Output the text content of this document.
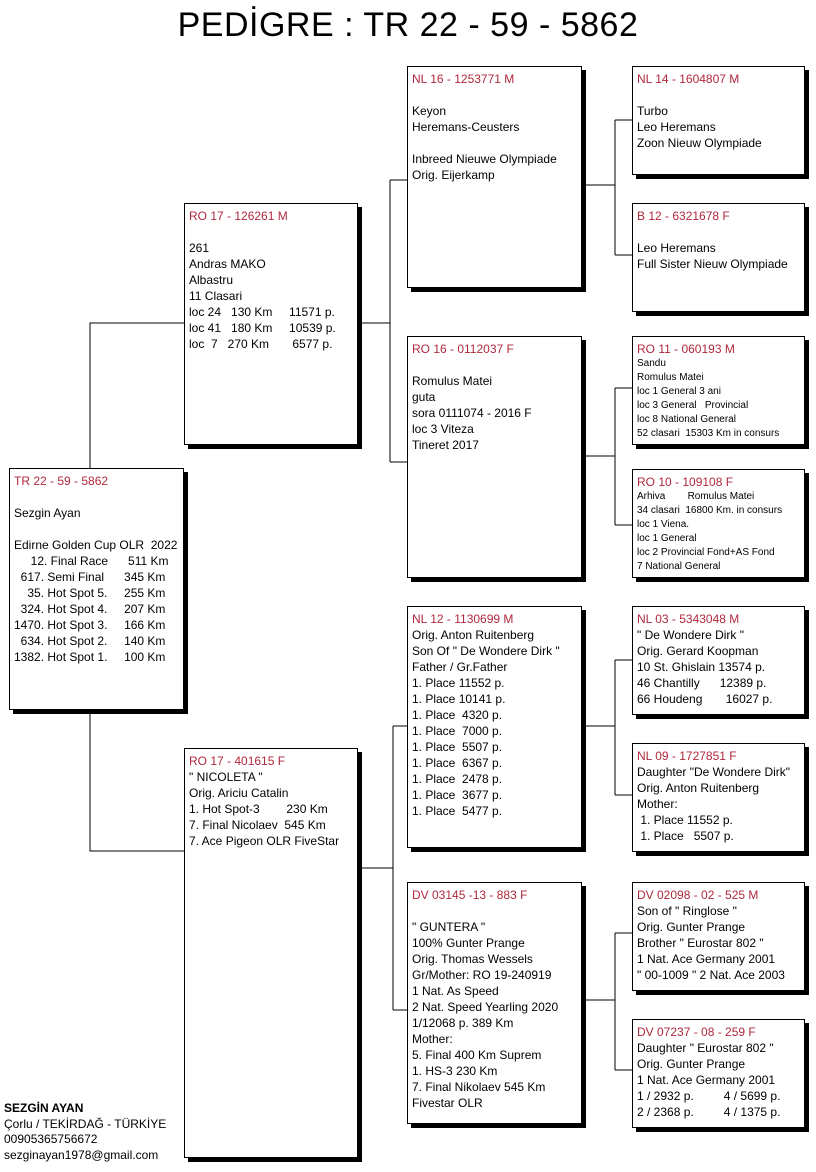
PEDİGRE : TR 22 - 59 - 5862
TR 22 - 59 - 5862

Sezgin Ayan

Edirne Golden Cup OLR  2022
12. Final Race      511 Km
617. Semi Final      345 Km
35. Hot Spot 5.     255 Km
324. Hot Spot 4.     207 Km
1470. Hot Spot 3.     166 Km
634. Hot Spot 2.     140 Km
1382. Hot Spot 1.     100 Km
RO 17 - 126261 M

261
Andras MAKO
Albastru
11 Clasari
loc 24   130 Km     11571 p.
loc 41   180 Km     10539 p.
loc  7   270 Km       6577 p.
RO 17 - 401615 F
" NICOLETA "
Orig. Ariciu Catalin
1. Hot Spot-3        230 Km
7. Final Nicolaev  545 Km
7. Ace Pigeon OLR FiveStar
NL 16 - 1253771 M

Keyon
Heremans-Ceusters

Inbreed Nieuwe Olympiade
Orig. Eijerkamp
RO 16 - 0112037 F

Romulus Matei
guta
sora 0111074 - 2016 F
loc 3 Viteza
Tineret 2017
NL 12 - 1130699 M
Orig. Anton Ruitenberg
Son Of " De Wondere Dirk "
Father / Gr.Father
1. Place 11552 p.
1. Place 10141 p.
1. Place  4320 p.
1. Place  7000 p.
1. Place  5507 p.
1. Place  6367 p.
1. Place  2478 p.
1. Place  3677 p.
1. Place  5477 p.
DV 03145 -13 - 883 F

" GUNTERA "
100% Gunter Prange
Orig. Thomas Wessels
Gr/Mother: RO 19-240919
1 Nat. As Speed
2 Nat. Speed Yearling 2020
1/12068 p. 389 Km
Mother:
5. Final 400 Km Suprem
1. HS-3 230 Km
7. Final Nikolaev 545 Km
Fivestar OLR
NL 14 - 1604807 M

Turbo
Leo Heremans
Zoon Nieuw Olympiade
B 12 - 6321678 F

Leo Heremans
Full Sister Nieuw Olympiade
RO 11 - 060193 M
Sandu
Romulus Matei
loc 1 General 3 ani
loc 3 General   Provincial
loc 8 National General
52 clasari  15303 Km in consurs
RO 10 - 109108 F
Arhiva        Romulus Matei
34 clasari  16800 Km. in consurs
loc 1 Viena.
loc 1 General
loc 2 Provincial Fond+AS Fond
7 National General
NL 03 - 5343048 M
" De Wondere Dirk "
Orig. Gerard Koopman
10 St. Ghislain 13574 p.
46 Chantilly      12389 p.
66 Houdeng       16027 p.
NL 09 - 1727851 F
Daughter "De Wondere Dirk"
Orig. Anton Ruitenberg
Mother:
1. Place 11552 p.
1. Place   5507 p.
DV 02098 - 02 - 525 M
Son of " Ringlose "
Orig. Gunter Prange
Brother " Eurostar 802 "
1 Nat. Ace Germany 2001
" 00-1009 " 2 Nat. Ace 2003
DV 07237 - 08 - 259 F
Daughter " Eurostar 802 "
Orig. Gunter Prange
1 Nat. Ace Germany 2001
1 / 2932 p.         4 / 5699 p.
2 / 2368 p.         4 / 1375 p.
SEZGİN AYAN
Çorlu / TEKİRDAĞ - TÜRKİYE
00905365756672
sezginayan1978@gmail.com
